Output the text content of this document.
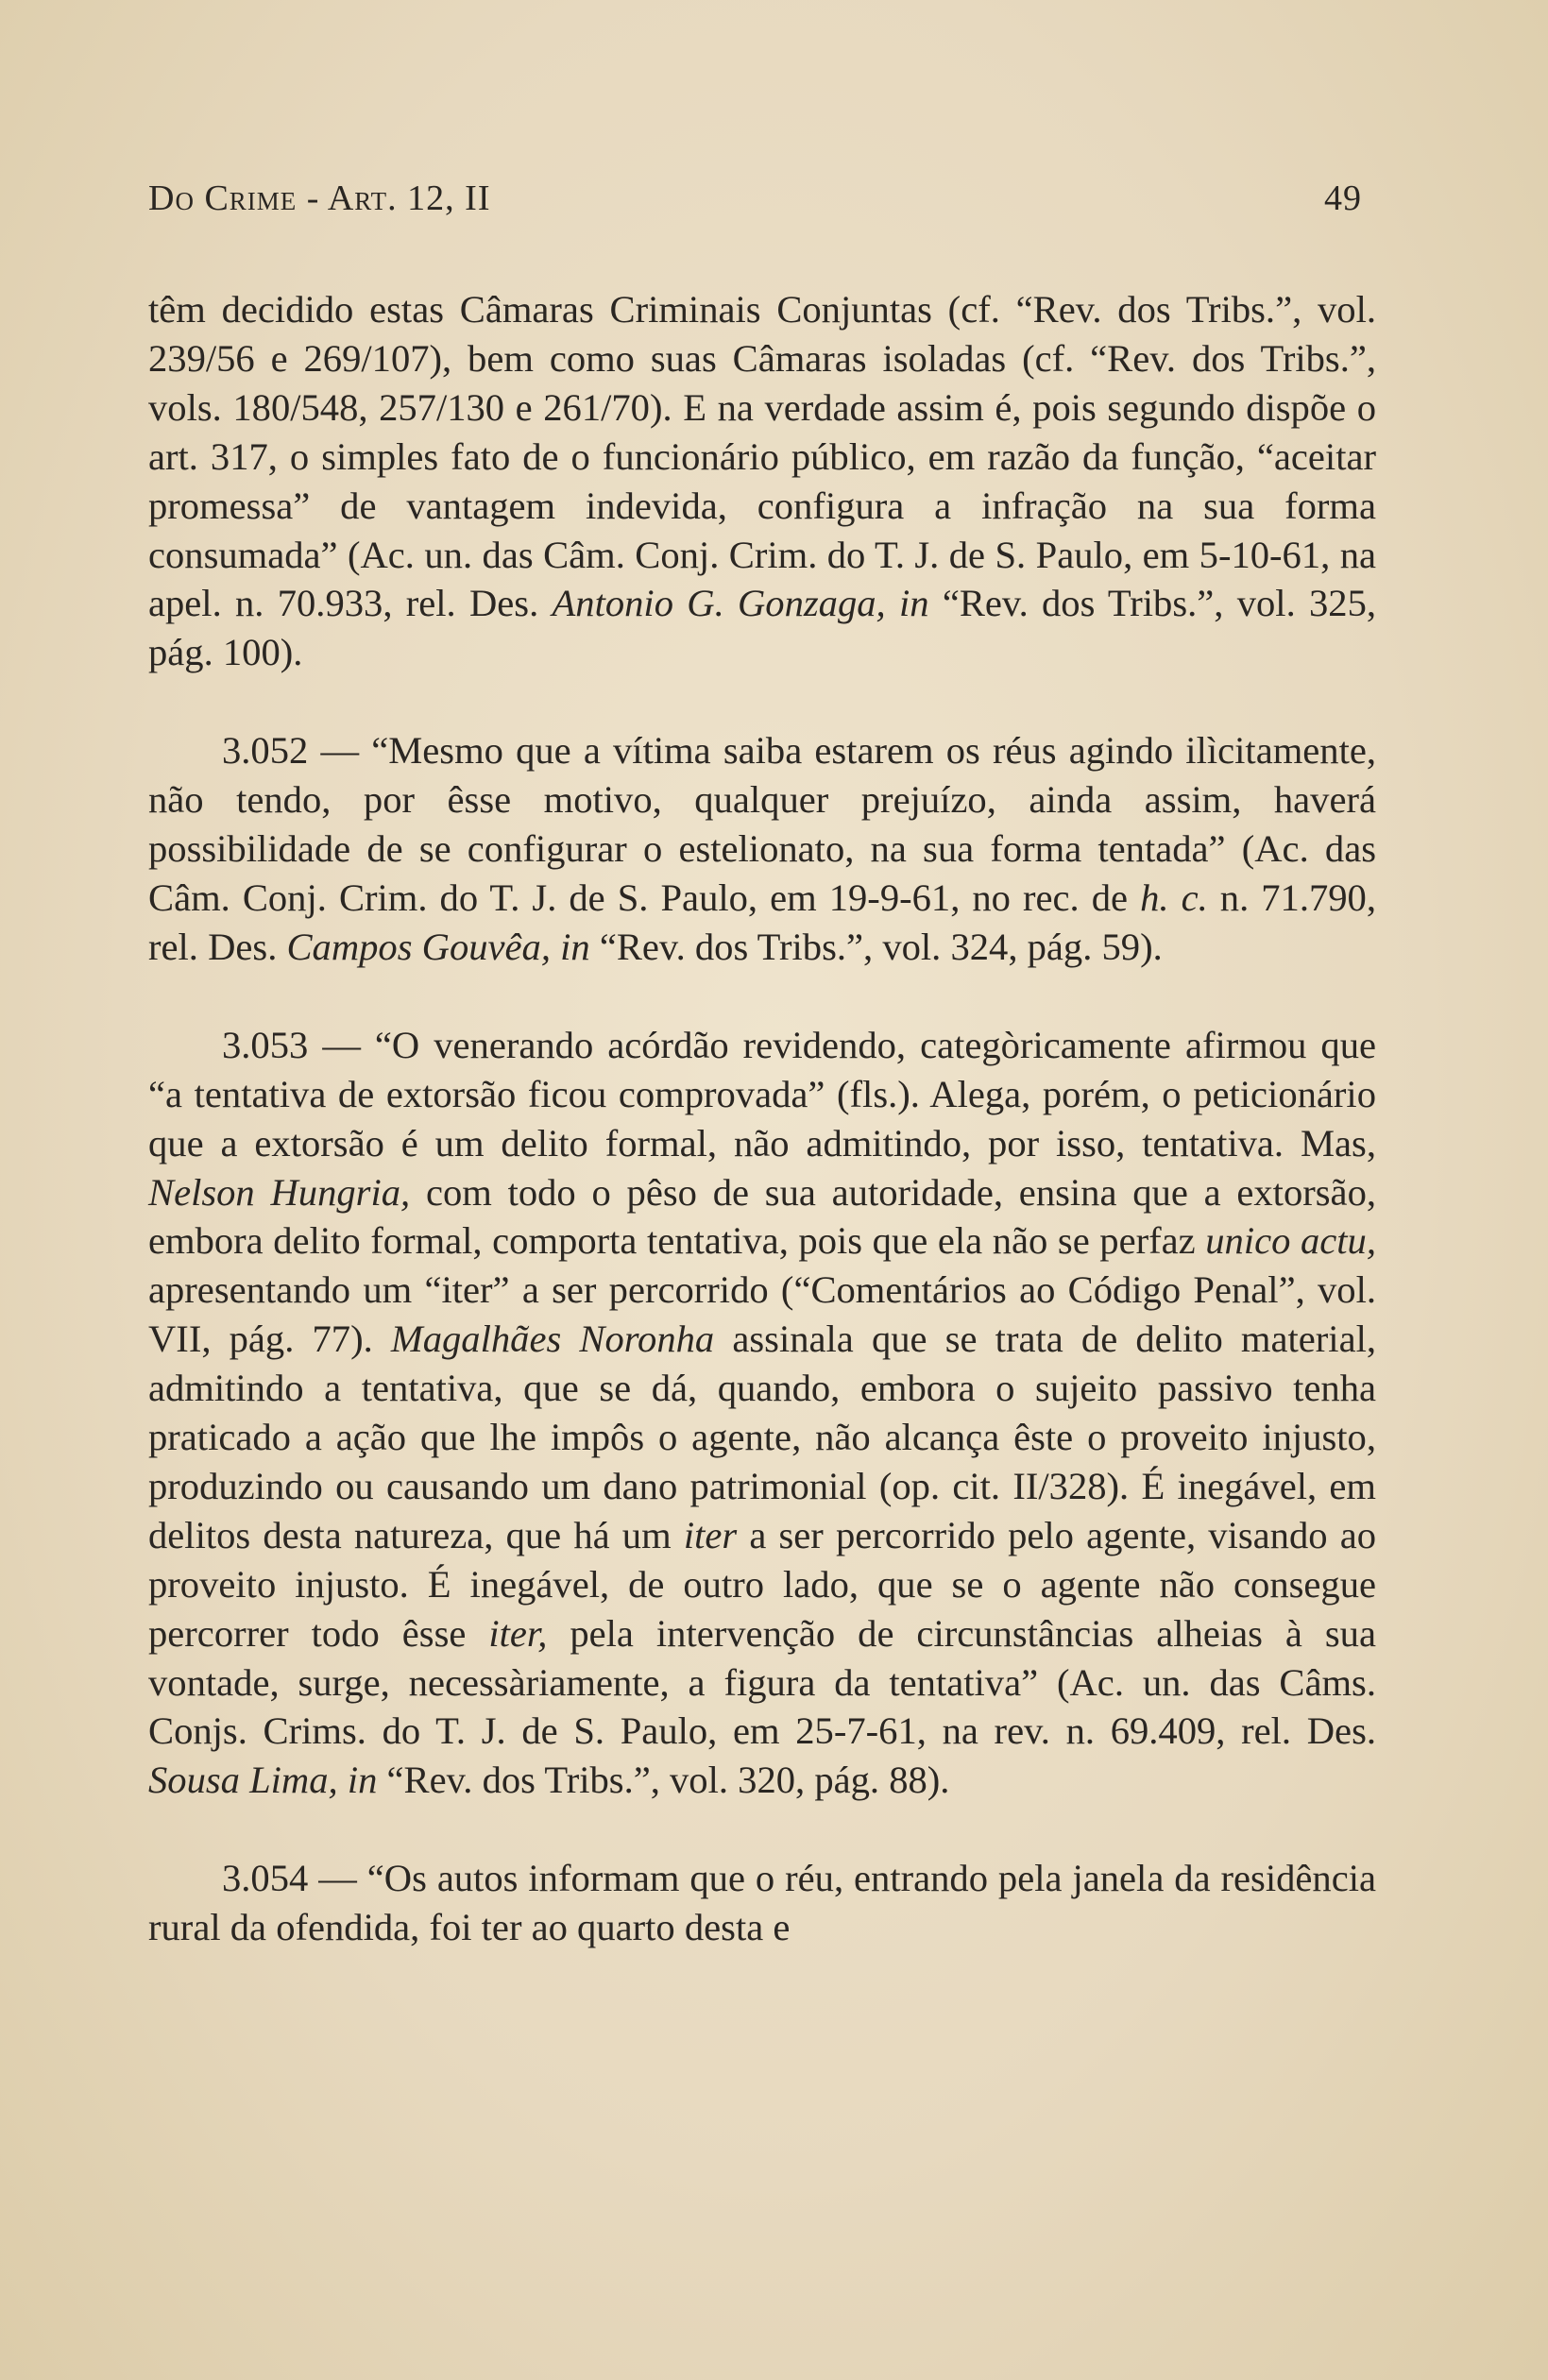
Do Crime - Art. 12, II	49

têm decidido estas Câmaras Criminais Conjuntas (cf. “Rev. dos Tribs.”, vol. 239/56 e 269/107), bem como suas Câmaras isoladas (cf. “Rev. dos Tribs.”, vols. 180/548, 257/130 e 261/70). E na verdade assim é, pois segundo dispõe o art. 317, o simples fato de o funcionário público, em razão da função, “aceitar promessa” de vantagem indevida, configura a infração na sua forma consumada” (Ac. un. das Câm. Conj. Crim. do T. J. de S. Paulo, em 5-10-61, na apel. n. 70.933, rel. Des. Antonio G. Gonzaga, in “Rev. dos Tribs.”, vol. 325, pág. 100).

3.052 — “Mesmo que a vítima saiba estarem os réus agindo ilìcitamente, não tendo, por êsse motivo, qualquer prejuízo, ainda assim, haverá possibilidade de se configurar o estelionato, na sua forma tentada” (Ac. das Câm. Conj. Crim. do T. J. de S. Paulo, em 19-9-61, no rec. de h. c. n. 71.790, rel. Des. Campos Gouvêa, in “Rev. dos Tribs.”, vol. 324, pág. 59).

3.053 — “O venerando acórdão revidendo, categòricamente afirmou que “a tentativa de extorsão ficou comprovada” (fls.). Alega, porém, o peticionário que a extorsão é um delito formal, não admitindo, por isso, tentativa. Mas, Nelson Hungria, com todo o pêso de sua autoridade, ensina que a extorsão, embora delito formal, comporta tentativa, pois que ela não se perfaz unico actu, apresentando um “iter” a ser percorrido (“Comentários ao Código Penal”, vol. VII, pág. 77). Magalhães Noronha assinala que se trata de delito material, admitindo a tentativa, que se dá, quando, embora o sujeito passivo tenha praticado a ação que lhe impôs o agente, não alcança êste o proveito injusto, produzindo ou causando um dano patrimonial (op. cit. II/328). É inegável, em delitos desta natureza, que há um iter a ser percorrido pelo agente, visando ao proveito injusto. É inegável, de outro lado, que se o agente não consegue percorrer todo êsse iter, pela intervenção de circunstâncias alheias à sua vontade, surge, necessàriamente, a figura da tentativa” (Ac. un. das Câms. Conjs. Crims. do T. J. de S. Paulo, em 25-7-61, na rev. n. 69.409, rel. Des. Sousa Lima, in “Rev. dos Tribs.”, vol. 320, pág. 88).

3.054 — “Os autos informam que o réu, entrando pela janela da residência rural da ofendida, foi ter ao quarto desta e
